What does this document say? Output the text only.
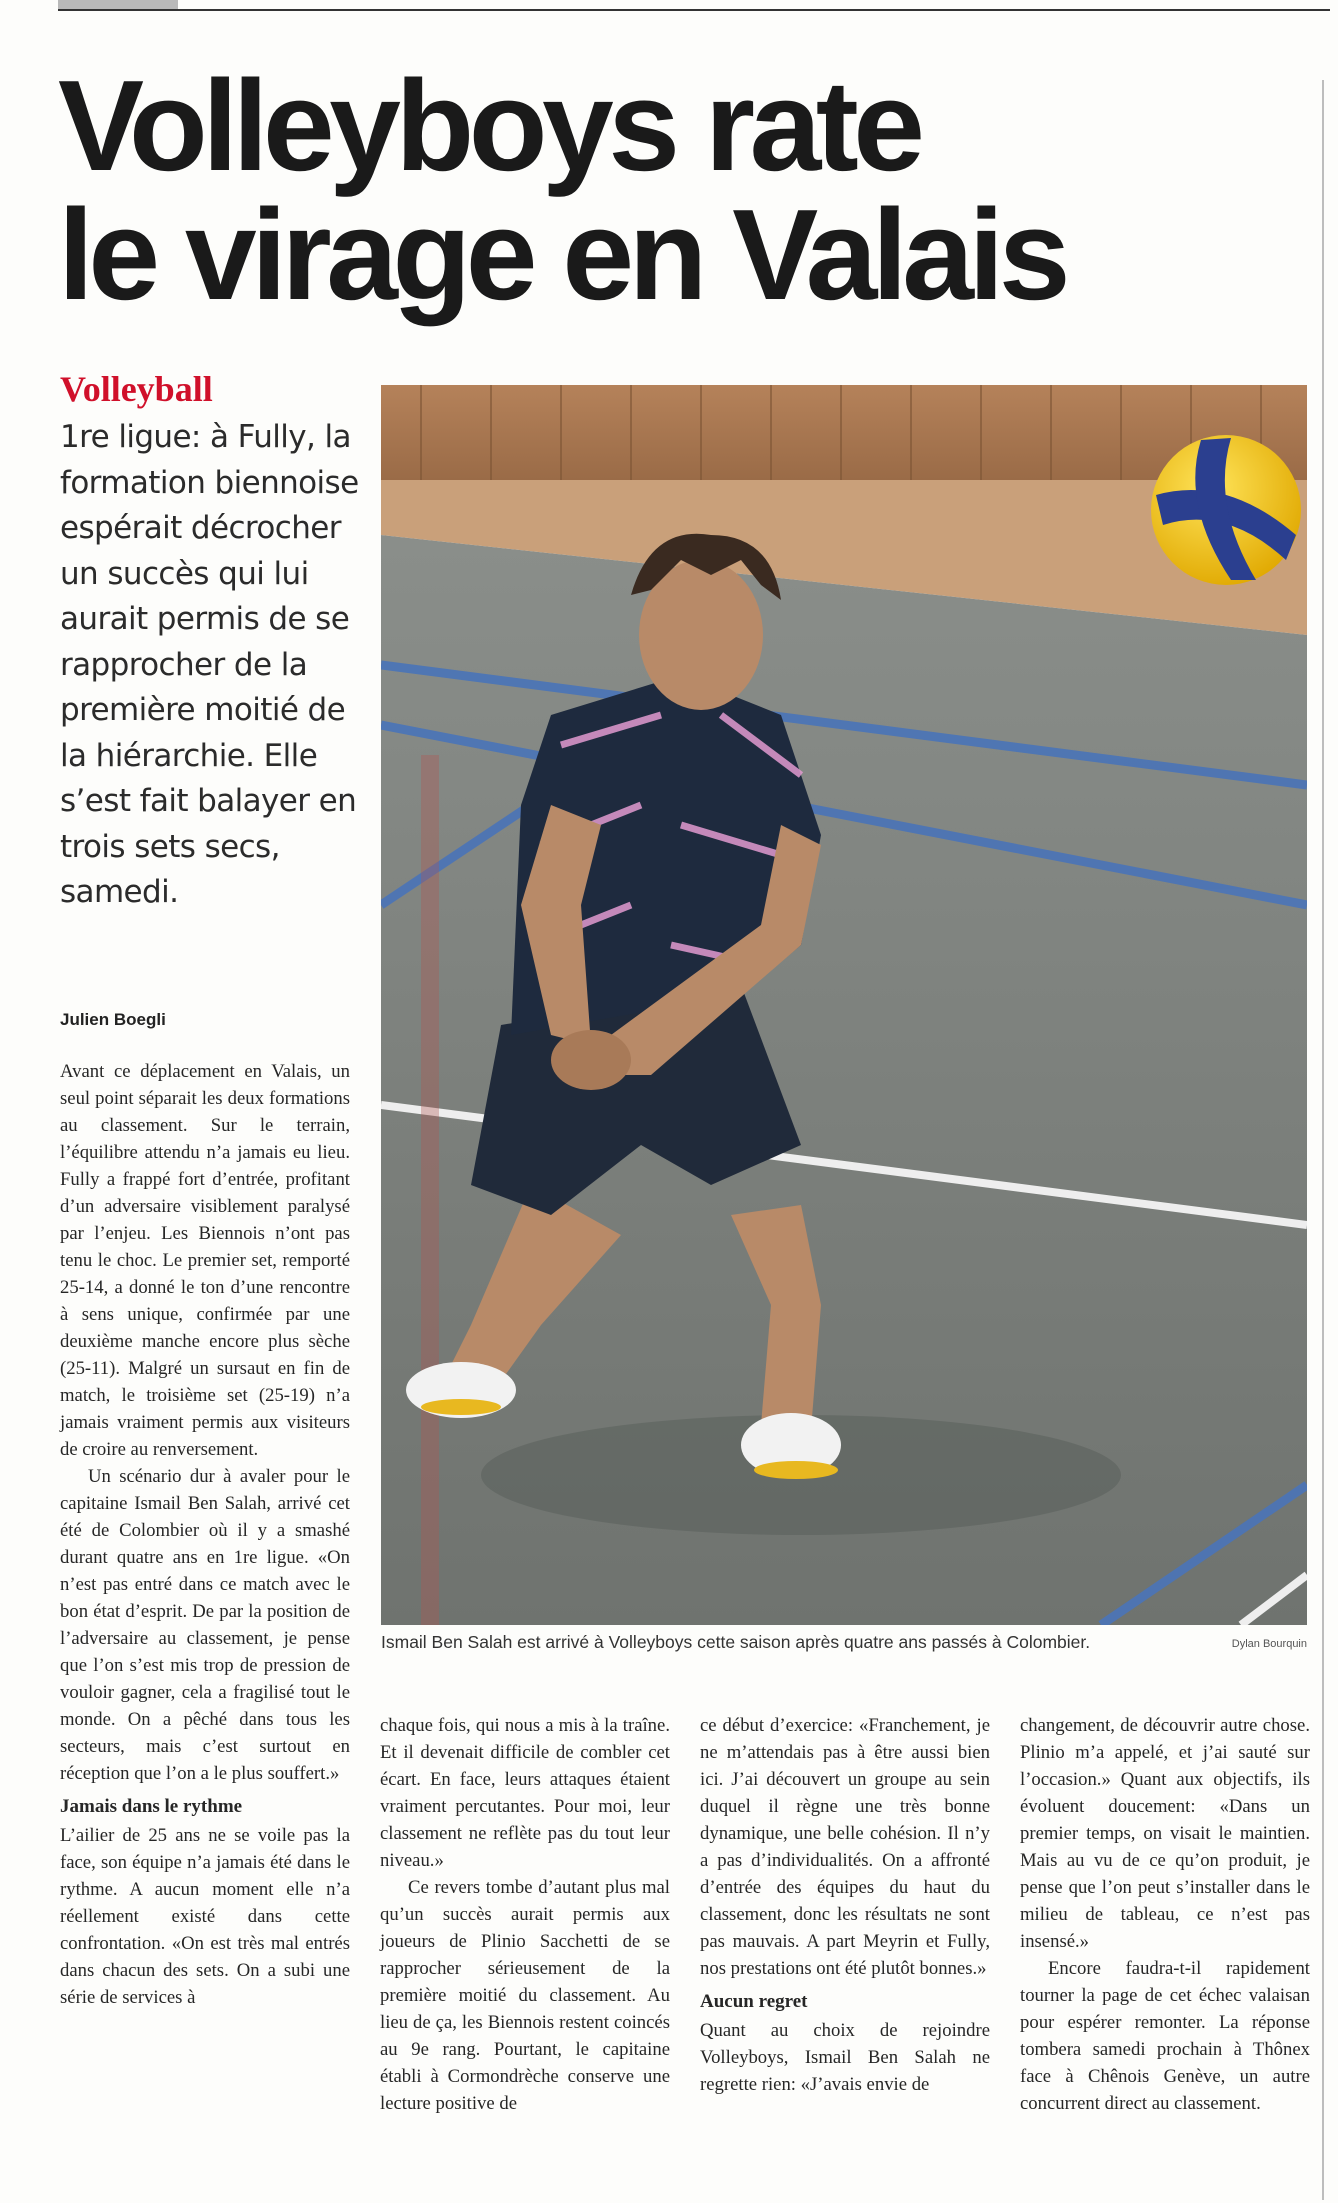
Volleyboys rate
le virage en Valais
Volleyball
1re ligue: à Fully, la formation biennoise espérait décrocher un succès qui lui aurait permis de se rapprocher de la première moitié de la hiérarchie. Elle s’est fait balayer en trois sets secs, samedi.
Julien Boegli

Avant ce déplacement en Valais, un seul point séparait les deux formations au classement. Sur le terrain, l’équilibre attendu n’a jamais eu lieu. Fully a frappé fort d’entrée, profitant d’un adversaire visiblement paralysé par l’enjeu. Les Biennois n’ont pas tenu le choc. Le premier set, remporté 25-14, a donné le ton d’une rencontre à sens unique, confirmée par une deuxième manche encore plus sèche (25-11). Malgré un sursaut en fin de match, le troisième set (25-19) n’a jamais vraiment permis aux visiteurs de croire au renversement.

Un scénario dur à avaler pour le capitaine Ismail Ben Salah, arrivé cet été de Colombier où il y a smashé durant quatre ans en 1re ligue. «On n’est pas entré dans ce match avec le bon état d’esprit. De par la position de l’adversaire au classement, je pense que l’on s’est mis trop de pression de vouloir gagner, cela a fragilisé tout le monde. On a pêché dans tous les secteurs, mais c’est surtout en réception que l’on a le plus souffert.»

Jamais dans le rythme

L’ailier de 25 ans ne se voile pas la face, son équipe n’a jamais été dans le rythme. A aucun moment elle n’a réellement existé dans cette confrontation. «On est très mal entrés dans chacun des sets. On a subi une série de services à

Ismail Ben Salah est arrivé à Volleyboys cette saison après quatre ans passés à Colombier.	Dylan Bourquin

chaque fois, qui nous a mis à la traîne. Et il devenait difficile de combler cet écart. En face, leurs attaques étaient vraiment percutantes. Pour moi, leur classement ne reflète pas du tout leur niveau.»

Ce revers tombe d’autant plus mal qu’un succès aurait permis aux joueurs de Plinio Sacchetti de se rapprocher sérieusement de la première moitié du classement. Au lieu de ça, les Biennois restent coincés au 9e rang. Pourtant, le capitaine établi à Cormondrèche conserve une lecture positive de

ce début d’exercice: «Franchement, je ne m’attendais pas à être aussi bien ici. J’ai découvert un groupe au sein duquel il règne une très bonne dynamique, une belle cohésion. Il n’y a pas d’individualités. On a affronté d’entrée des équipes du haut du classement, donc les résultats ne sont pas mauvais. A part Meyrin et Fully, nos prestations ont été plutôt bonnes.»

Aucun regret

Quant au choix de rejoindre Volleyboys, Ismail Ben Salah ne regrette rien: «J’avais envie de

changement, de découvrir autre chose. Plinio m’a appelé, et j’ai sauté sur l’occasion.» Quant aux objectifs, ils évoluent doucement: «Dans un premier temps, on visait le maintien. Mais au vu de ce qu’on produit, je pense que l’on peut s’installer dans le milieu de tableau, ce n’est pas insensé.»

Encore faudra-t-il rapidement tourner la page de cet échec valaisan pour espérer remonter. La réponse tombera samedi prochain à Thônex face à Chênois Genève, un autre concurrent direct au classement.
